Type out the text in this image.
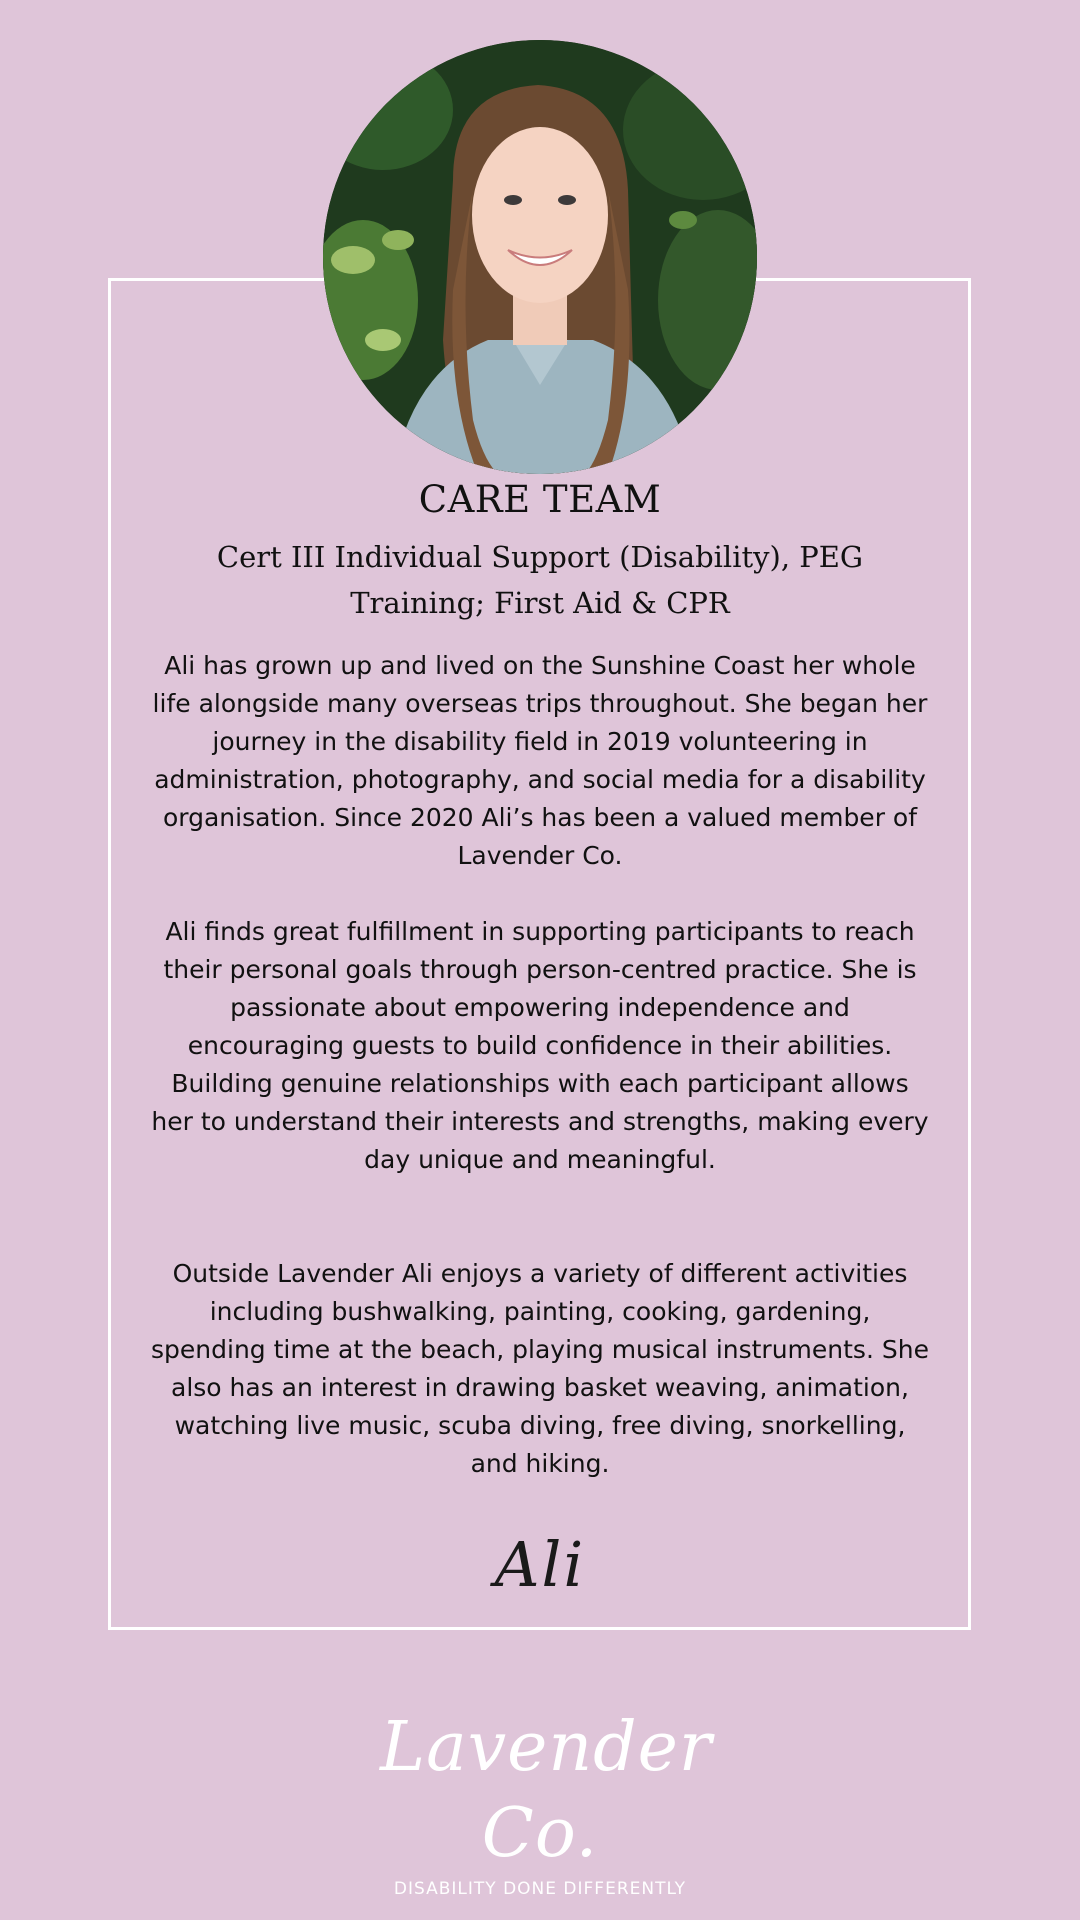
CARE TEAM
Cert III Individual Support (Disability), PEG Training; First Aid & CPR

Ali has grown up and lived on the Sunshine Coast her whole life alongside many overseas trips throughout. She began her journey in the disability field in 2019 volunteering in administration, photography, and social media for a disability organisation. Since 2020 Ali’s has been a valued member of Lavender Co.

Ali finds great fulfillment in supporting participants to reach their personal goals through person-centred practice. She is passionate about empowering independence and encouraging guests to build confidence in their abilities. Building genuine relationships with each participant allows her to understand their interests and strengths, making every day unique and meaningful.

Outside Lavender Ali enjoys a variety of different activities including bushwalking, painting, cooking, gardening, spending time at the beach, playing musical instruments. She also has an interest in drawing basket weaving, animation, watching live music, scuba diving, free diving, snorkelling, and hiking.

Ali
Lavender Co.
DISABILITY DONE DIFFERENTLY
